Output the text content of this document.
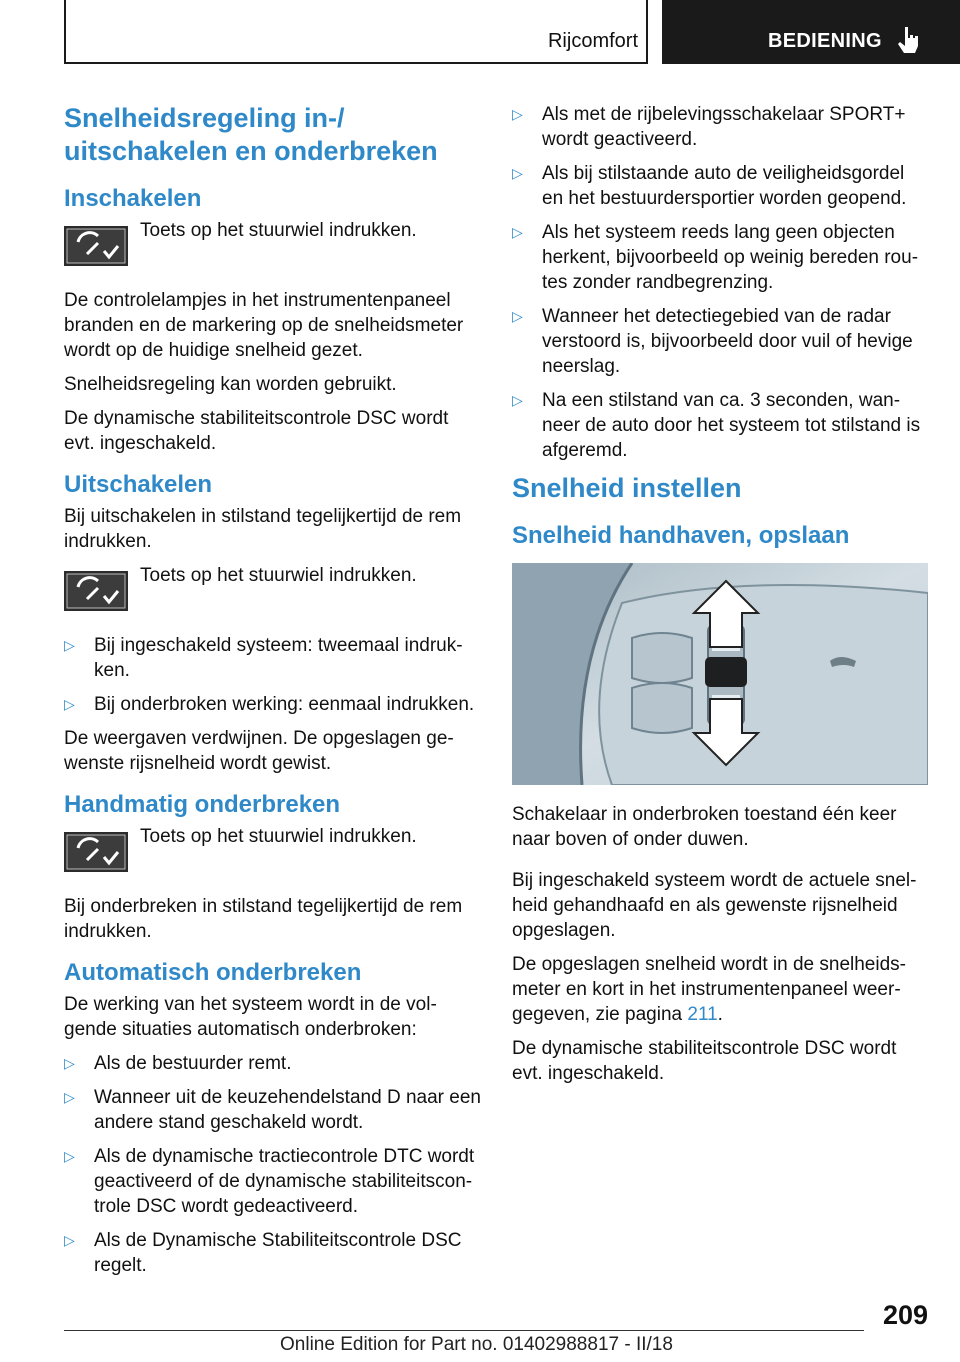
Rijcomfort	BEDIENING
Snelheidsregeling in-/ uitschakelen en onderbreken
Inschakelen
Toets op het stuurwiel indrukken.

De controlelampjes in het instrumentenpaneel branden en de markering op de snelheidsmeter wordt op de huidige snelheid gezet.

Snelheidsregeling kan worden gebruikt.

De dynamische stabiliteitscontrole DSC wordt evt. ingeschakeld.

Uitschakelen

Bij uitschakelen in stilstand tegelijkertijd de rem indrukken.

Toets op het stuurwiel indrukken.
▷ Bij ingeschakeld systeem: tweemaal indruk- ken.
▷ Bij onderbroken werking: eenmaal indrukken.

De weergaven verdwijnen. De opgeslagen ge- wenste rijsnelheid wordt gewist.

Handmatig onderbreken
Toets op het stuurwiel indrukken.

Bij onderbreken in stilstand tegelijkertijd de rem indrukken.

Automatisch onderbreken

De werking van het systeem wordt in de vol- gende situaties automatisch onderbroken:

▷ Als de bestuurder remt.
▷ Wanneer uit de keuzehendelstand D naar een andere stand geschakeld wordt.
▷ Als de dynamische tractiecontrole DTC wordt geactiveerd of de dynamische stabiliteitscon- trole DSC wordt gedeactiveerd.
▷ Als de Dynamische Stabiliteitscontrole DSC regelt.
▷ Als met de rijbelevingsschakelaar SPORT+ wordt geactiveerd.
▷ Als bij stilstaande auto de veiligheidsgordel en het bestuurdersportier worden geopend.
▷ Als het systeem reeds lang geen objecten herkent, bijvoorbeeld op weinig bereden rou- tes zonder randbegrenzing.
▷ Wanneer het detectiegebied van de radar verstoord is, bijvoorbeeld door vuil of hevige neerslag.
▷ Na een stilstand van ca. 3 seconden, wan- neer de auto door het systeem tot stilstand is afgeremd.
Snelheid instellen
Snelheid handhaven, opslaan

Schakelaar in onderbroken toestand één keer naar boven of onder duwen.

Bij ingeschakeld systeem wordt de actuele snel- heid gehandhaafd en als gewenste rijsnelheid opgeslagen.

De opgeslagen snelheid wordt in de snelheids- meter en kort in het instrumentenpaneel weer- gegeven, zie pagina 211.

De dynamische stabiliteitscontrole DSC wordt evt. ingeschakeld.

209
Online Edition for Part no. 01402988817 - II/18
